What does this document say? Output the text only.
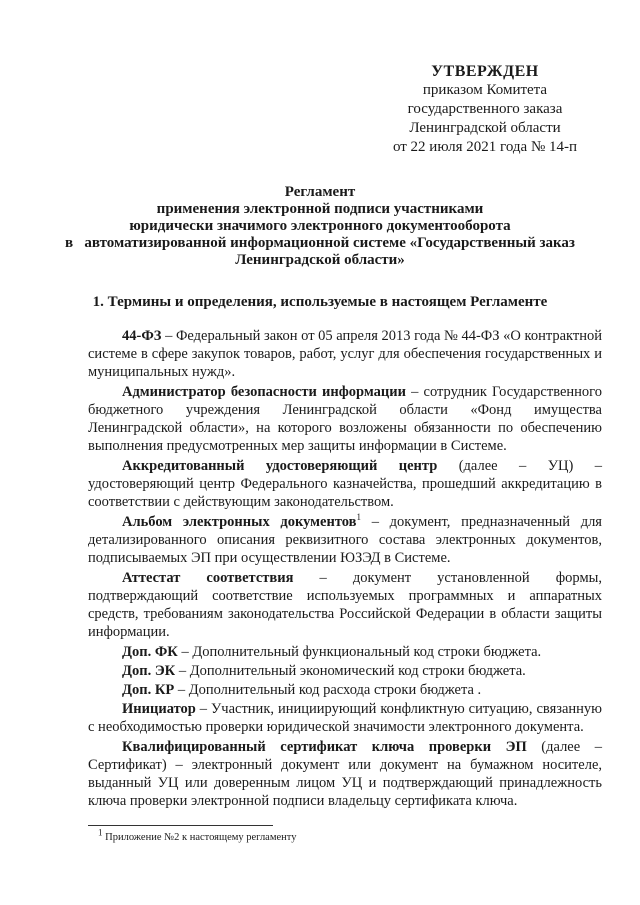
УТВЕРЖДЕН
приказом Комитета
государственного заказа
Ленинградской области
от 22 июля 2021 года № 14-п
Регламент
применения электронной подписи участниками
юридически значимого электронного документооборота
в   автоматизированной информационной системе «Государственный заказ
Ленинградской области»
1. Термины и определения, используемые в настоящем Регламенте

44-ФЗ – Федеральный закон от 05 апреля 2013 года № 44-ФЗ «О контрактной системе в сфере закупок товаров, работ, услуг для обеспечения государственных и муниципальных нужд».

Администратор безопасности информации – сотрудник Государственного бюджетного учреждения Ленинградской области «Фонд имущества Ленинградской области», на которого возложены обязанности по обеспечению выполнения предусмотренных мер защиты информации в Системе.

Аккредитованный удостоверяющий центр (далее – УЦ) – удостоверяющий центр Федерального казначейства, прошедший аккредитацию в соответствии с действующим законодательством.

Альбом электронных документов$^1$ – документ, предназначенный для детализированного описания реквизитного состава электронных документов, подписываемых ЭП при осуществлении ЮЗЭД в Системе.

Аттестат соответствия – документ установленной формы, подтверждающий соответствие используемых программных и аппаратных средств, требованиям законодательства Российской Федерации в области защиты информации.

Доп. ФК – Дополнительный функциональный код строки бюджета.

Доп. ЭК – Дополнительный экономический код строки бюджета.

Доп. КР – Дополнительный код расхода строки бюджета .

Инициатор – Участник, инициирующий конфликтную ситуацию, связанную с необходимостью проверки юридической значимости электронного документа.

Квалифицированный сертификат ключа проверки ЭП (далее – Сертификат) – электронный документ или документ на бумажном носителе, выданный УЦ или доверенным лицом УЦ и подтверждающий принадлежность ключа проверки электронной подписи владельцу сертификата ключа.

$^1$ Приложение №2 к настоящему регламенту
